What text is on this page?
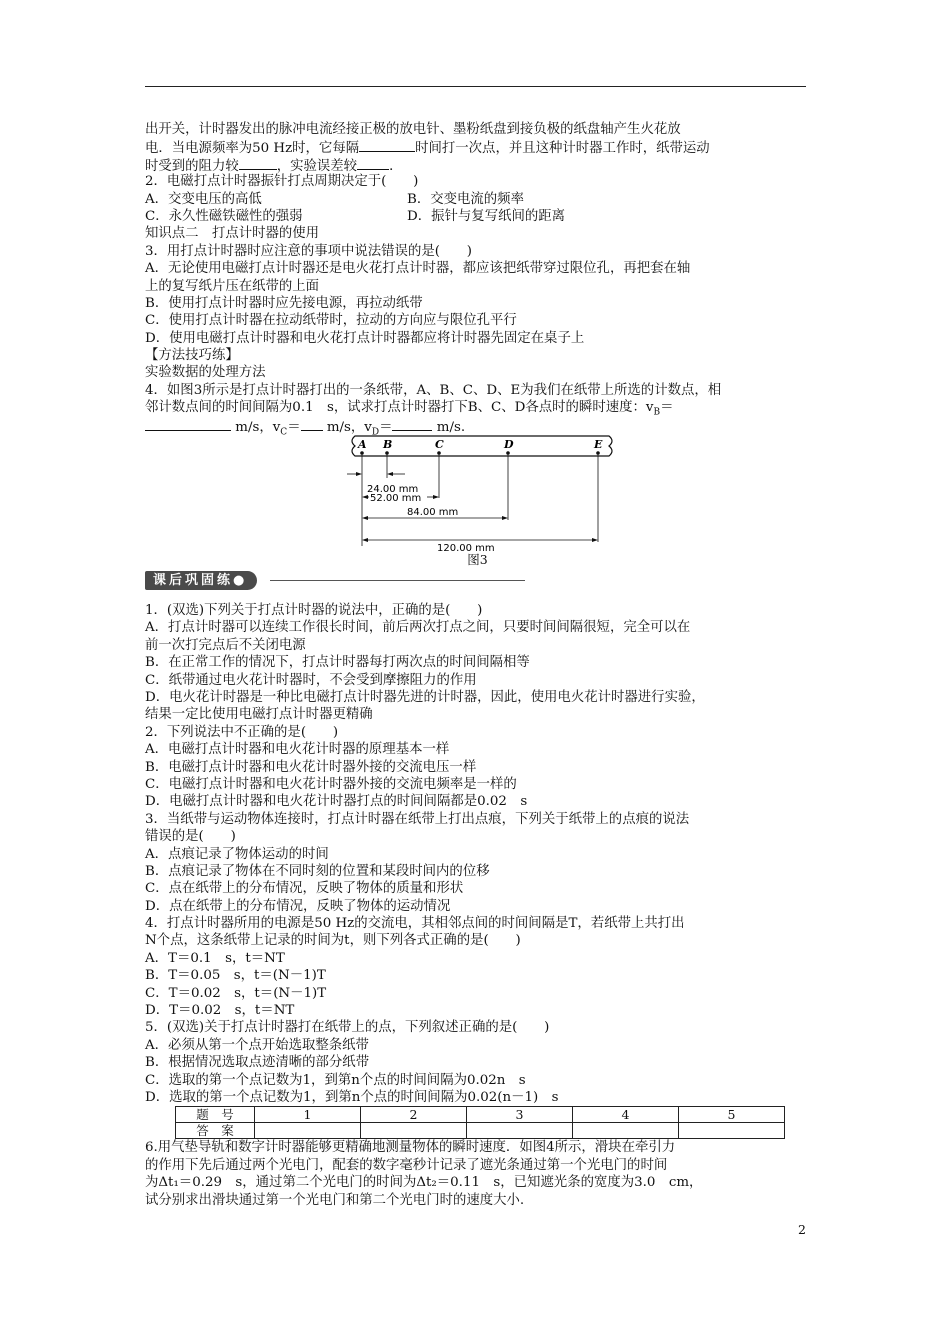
出开关，计时器发出的脉冲电流经接正极的放电针、墨粉纸盘到接负极的纸盘轴产生火花放
电．当电源频率为50 Hz时，它每隔	时间打一次点，并且这种计时器工作时，纸带运动
时受到的阻力较	，实验误差较 ．
2．电磁打点计时器振针打点周期决定于(　　)
A．交变电压的高低	B．交变电流的频率
C．永久性磁铁磁性的强弱	D．振针与复写纸间的距离
知识点二　打点计时器的使用
3．用打点计时器时应注意的事项中说法错误的是(　　)
A．无论使用电磁打点计时器还是电火花打点计时器，都应该把纸带穿过限位孔，再把套在轴
上的复写纸片压在纸带的上面
B．使用打点计时器时应先接电源，再拉动纸带
C．使用打点计时器在拉动纸带时，拉动的方向应与限位孔平行
D．使用电磁打点计时器和电火花打点计时器都应将计时器先固定在桌子上
【方法技巧练】
实验数据的处理方法
4．如图3所示是打点计时器打出的一条纸带，A、B、C、D、E为我们在纸带上所选的计数点，相
邻计数点间的时间间隔为0.1　s，试求打点计时器打下B、C、D各点时的瞬时速度：$v_B=$
m/s，$v_C= m/s$，$v_D=$	m/s.
A B	C	D	E
24.00 mm
52.00 mm
84.00 mm
120.00 mm
图3
课后巩固练●
1．(双选)下列关于打点计时器的说法中，正确的是(　　)
A．打点计时器可以连续工作很长时间，前后两次打点之间，只要时间间隔很短，完全可以在
前一次打完点后不关闭电源
B．在正常工作的情况下，打点计时器每打两次点的时间间隔相等
C．纸带通过电火花计时器时，不会受到摩擦阻力的作用
D．电火花计时器是一种比电磁打点计时器先进的计时器，因此，使用电火花计时器进行实验，
结果一定比使用电磁打点计时器更精确
2．下列说法中不正确的是(　　)
A．电磁打点计时器和电火花计时器的原理基本一样
B．电磁打点计时器和电火花计时器外接的交流电压一样
C．电磁打点计时器和电火花计时器外接的交流电频率是一样的
D．电磁打点计时器和电火花计时器打点的时间间隔都是0.02　s
3．当纸带与运动物体连接时，打点计时器在纸带上打出点痕，下列关于纸带上的点痕的说法
错误的是(　　)
A．点痕记录了物体运动的时间
B．点痕记录了物体在不同时刻的位置和某段时间内的位移
C．点在纸带上的分布情况，反映了物体的质量和形状
D．点在纸带上的分布情况，反映了物体的运动情况
4．打点计时器所用的电源是50 Hz的交流电，其相邻点间的时间间隔是T，若纸带上共打出
N个点，这条纸带上记录的时间为t，则下列各式正确的是(　　)
A．T＝0.1　s，t＝NT
B．T＝0.05　s，t＝(N－1)T
C．T＝0.02　s，t＝(N－1)T
D．T＝0.02　s，t＝NT
5．(双选)关于打点计时器打在纸带上的点，下列叙述正确的是(　　)
A．必须从第一个点开始选取整条纸带
B．根据情况选取点迹清晰的部分纸带
C．选取的第一个点记数为1，到第n个点的时间间隔为0.02n　s
D．选取的第一个点记数为1，到第n个点的时间间隔为0.02(n－1)　s
题　号	1	2	3	4	5
答　案					
6.用气垫导轨和数字计时器能够更精确地测量物体的瞬时速度．如图4所示，滑块在牵引力
的作用下先后通过两个光电门，配套的数字毫秒计记录了遮光条通过第一个光电门的时间
为Δt₁＝0.29　s，通过第二个光电门的时间为Δt₂＝0.11　s，已知遮光条的宽度为3.0　cm，
试分别求出滑块通过第一个光电门和第二个光电门时的速度大小.
2
